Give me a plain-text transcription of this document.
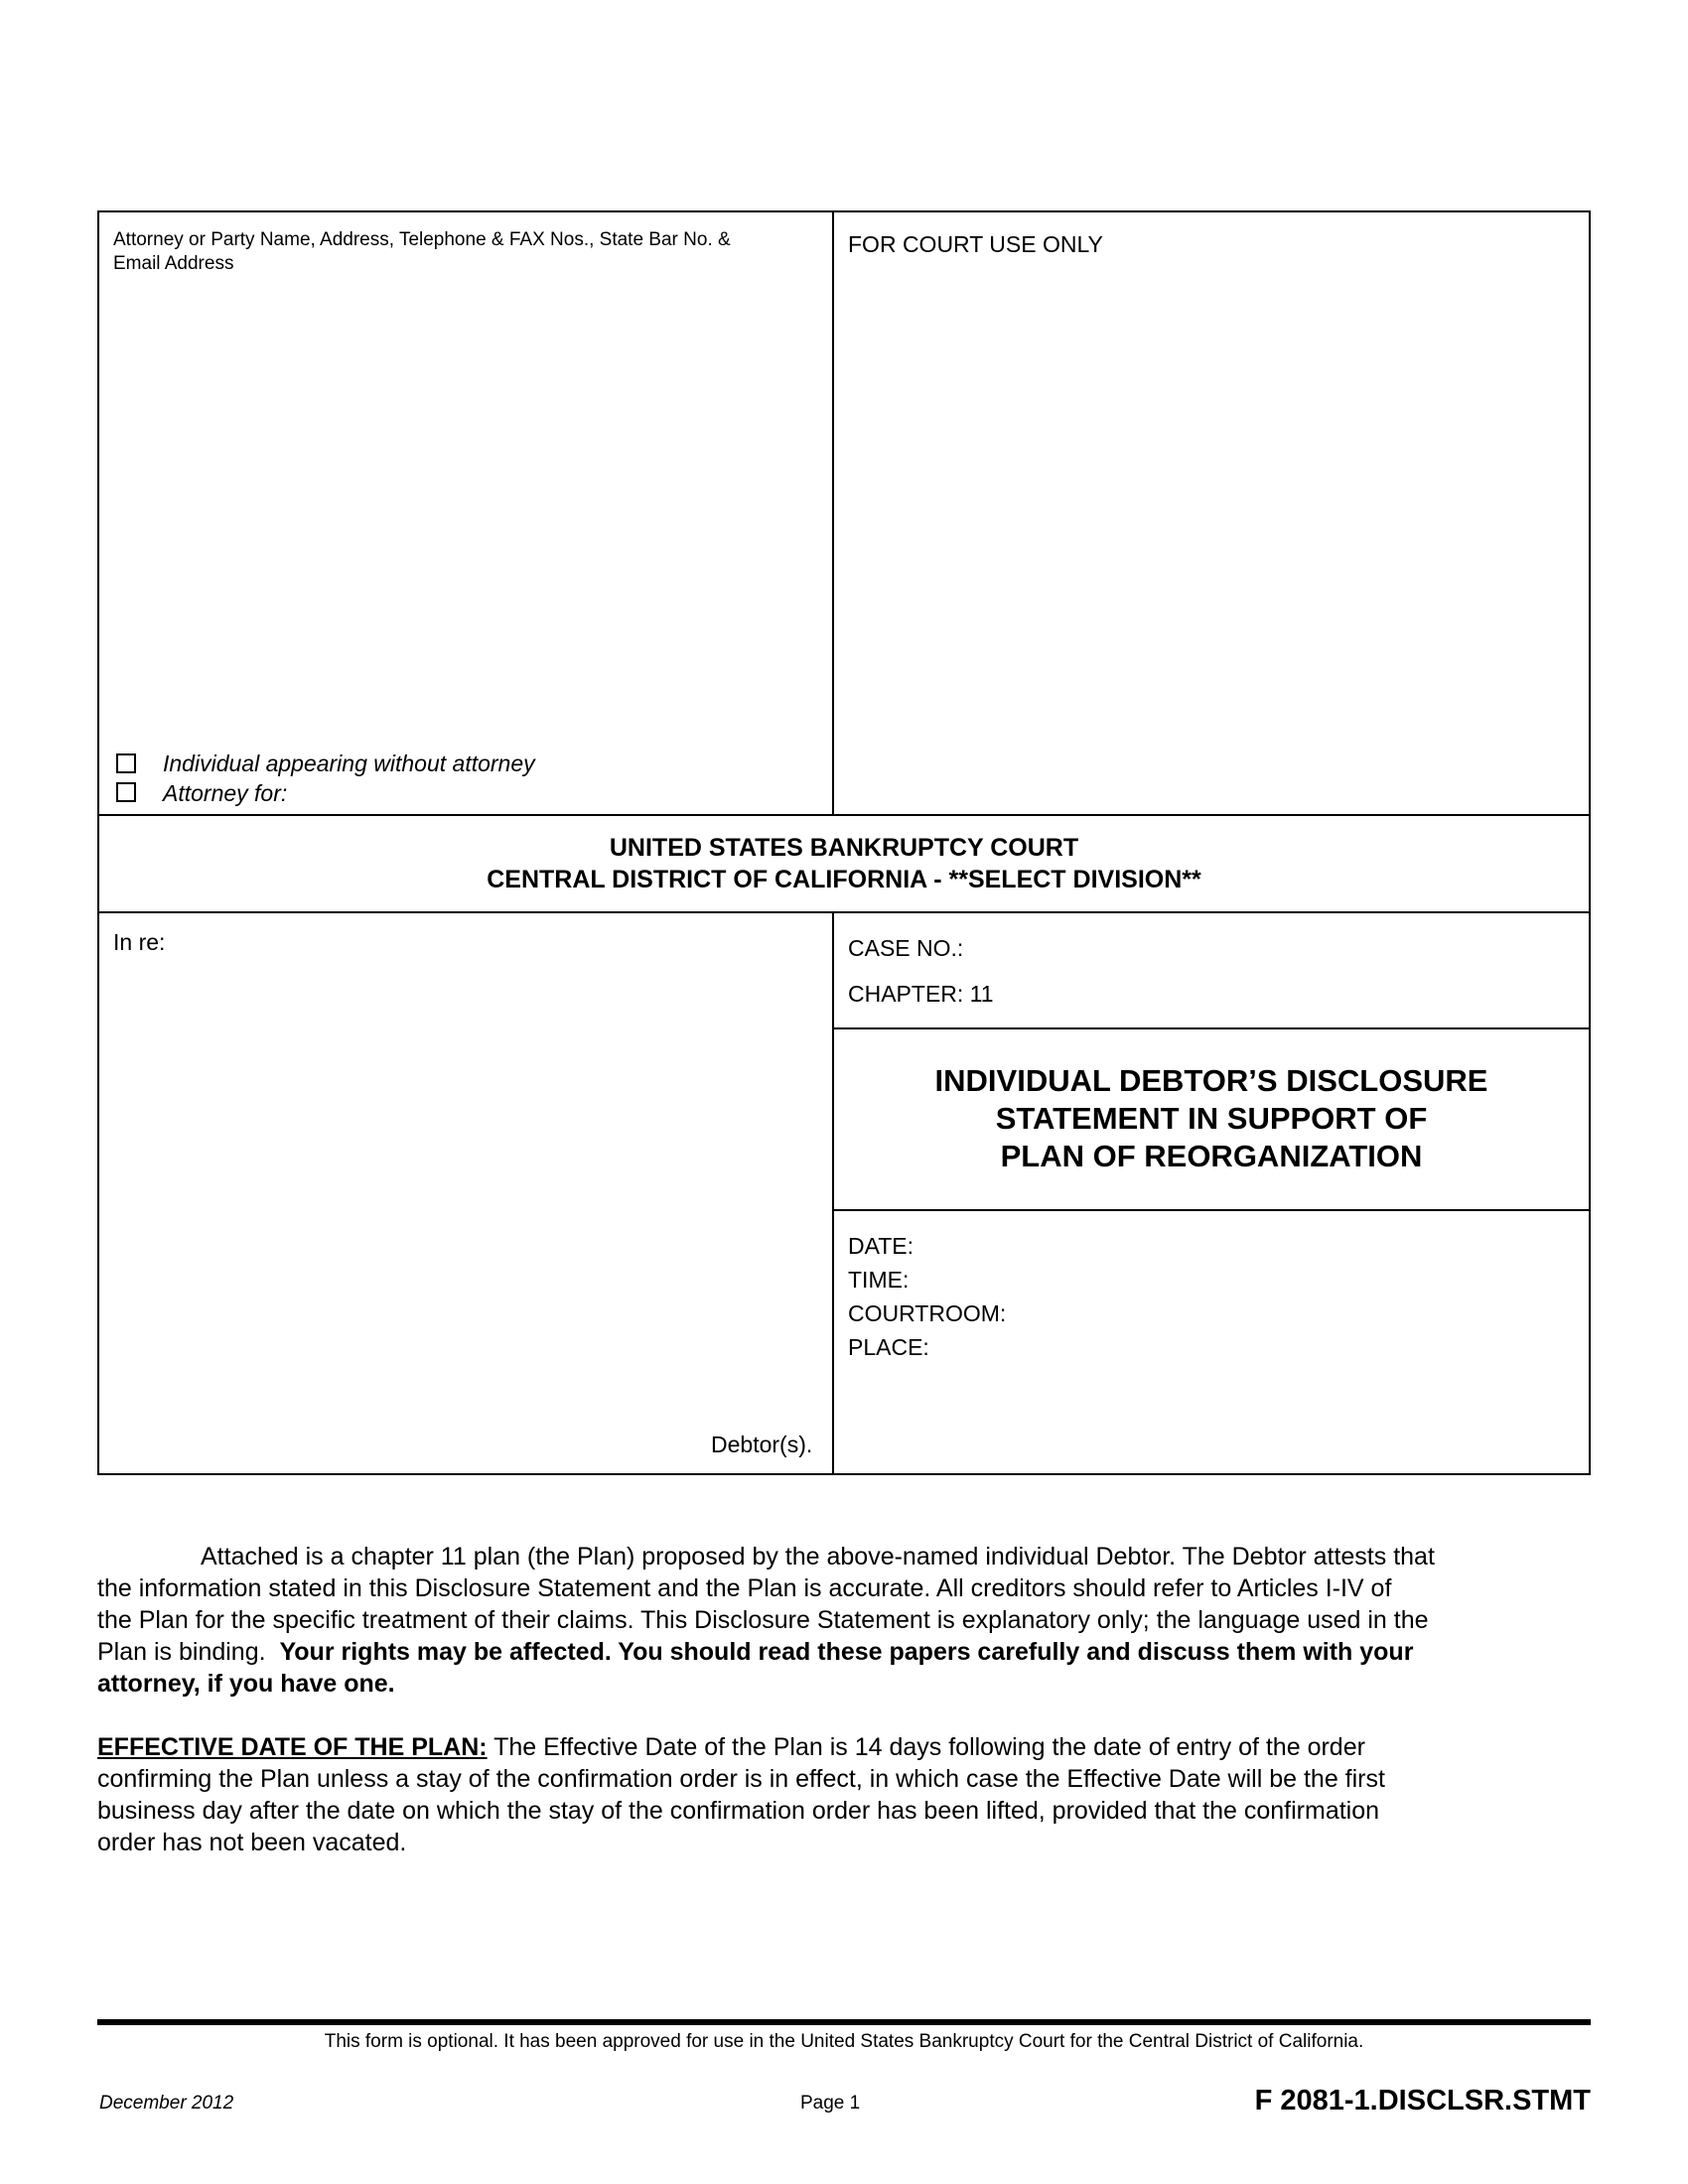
Attorney or Party Name, Address, Telephone & FAX Nos., State Bar No. &
Email Address
FOR COURT USE ONLY
Individual appearing without attorney
Attorney for:
UNITED STATES BANKRUPTCY COURT
CENTRAL DISTRICT OF CALIFORNIA - **SELECT DIVISION**
In re:
Debtor(s).
CASE NO.:
CHAPTER: 11
INDIVIDUAL DEBTOR’S DISCLOSURE
STATEMENT IN SUPPORT OF
PLAN OF REORGANIZATION
DATE:
TIME:
COURTROOM:
PLACE:
Attached is a chapter 11 plan (the Plan) proposed by the above-named individual Debtor. The Debtor attests that
the information stated in this Disclosure Statement and the Plan is accurate. All creditors should refer to Articles I-IV of
the Plan for the specific treatment of their claims. This Disclosure Statement is explanatory only; the language used in the
Plan is binding. Your rights may be affected. You should read these papers carefully and discuss them with your
attorney, if you have one.
EFFECTIVE DATE OF THE PLAN: The Effective Date of the Plan is 14 days following the date of entry of the order
confirming the Plan unless a stay of the confirmation order is in effect, in which case the Effective Date will be the first
business day after the date on which the stay of the confirmation order has been lifted, provided that the confirmation
order has not been vacated.
This form is optional. It has been approved for use in the United States Bankruptcy Court for the Central District of California.
December 2012	Page 1	F 2081-1.DISCLSR.STMT
